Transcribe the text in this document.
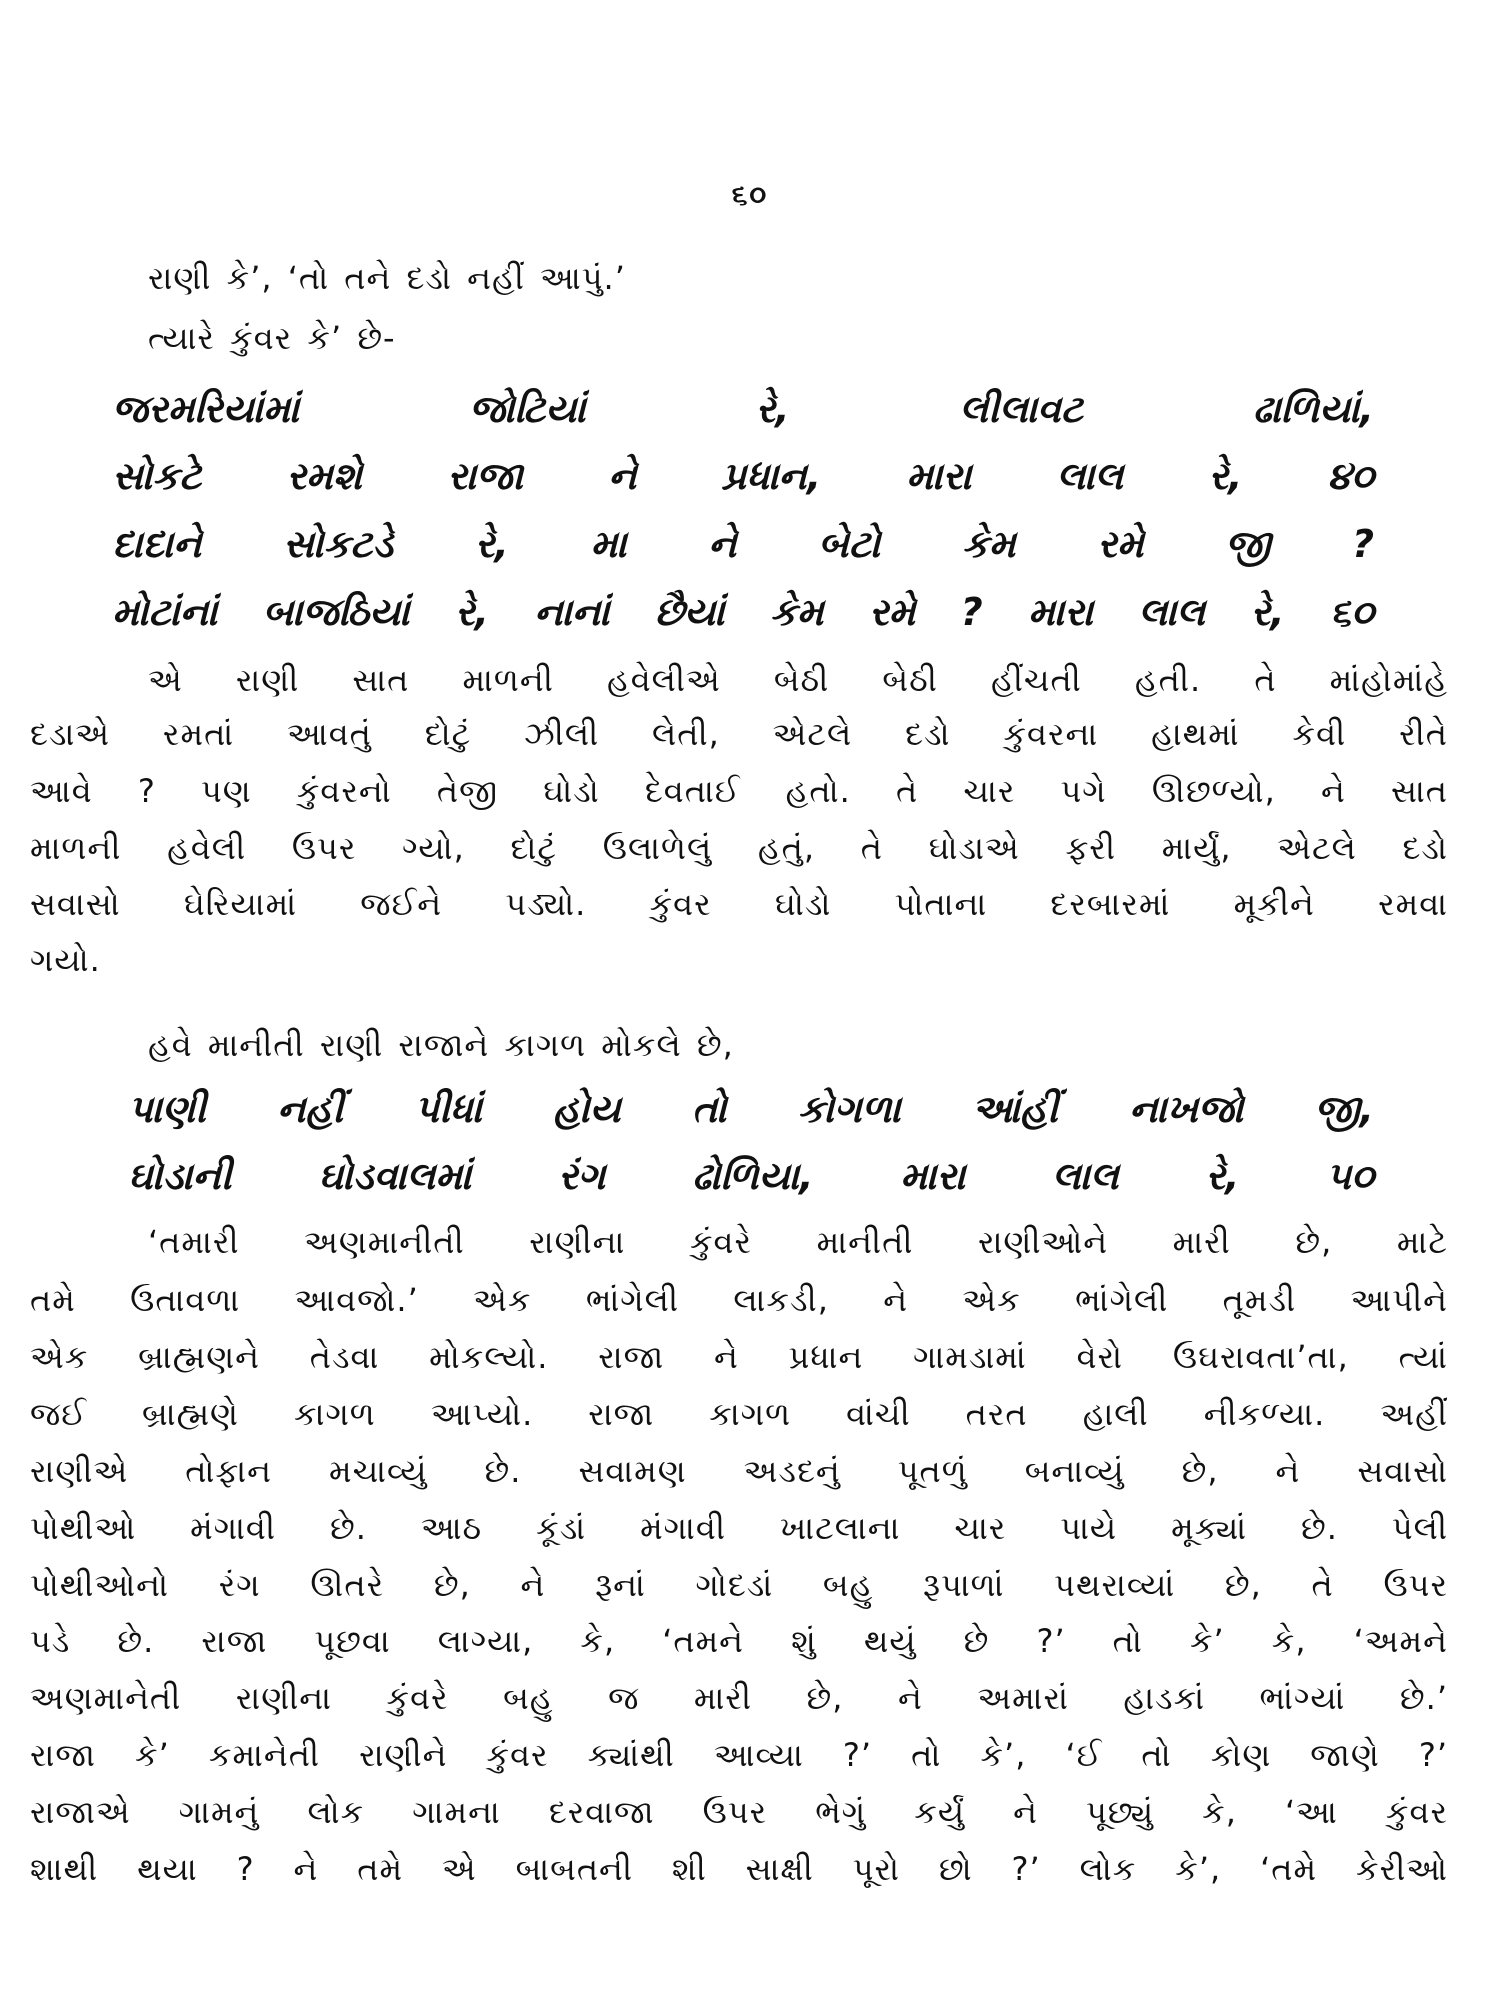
૬૦
રાણી કે’, ‘તો તને દડો નહીં આપું.’
ત્યારે કુંવર કે’ છે-
જરમરિયાંમાં જોટિયાં રે, લીલાવટ ઢાળિયાં,
સોકટે રમશે રાજા ને પ્રધાન, મારા લાલ રે, ૪૦
દાદાને સોકટડે રે, મા ને બેટો કેમ રમે જી ?
મોટાંનાં બાજઠિયાં રે, નાનાં છૈયાં કેમ રમે ? મારા લાલ રે, ૬૦
એ રાણી સાત માળની હવેલીએ બેઠી બેઠી હીંચતી હતી. તે માંહોમાંહે
દડાએ રમતાં આવતું દોટું ઝીલી લેતી, એટલે દડો કુંવરના હાથમાં કેવી રીતે
આવે ? પણ કુંવરનો તેજી ઘોડો દેવતાઈ હતો. તે ચાર પગે ઊછળ્યો, ને સાત
માળની હવેલી ઉપર ગ્યો, દોટું ઉલાળેલું હતું, તે ઘોડાએ ફરી માર્યું, એટલે દડો
સવાસો ઘેરિયામાં જઈને પડ્યો. કુંવર ઘોડો પોતાના દરબારમાં મૂકીને રમવા
ગયો.
હવે માનીતી રાણી રાજાને કાગળ મોકલે છે,
પાણી નહીં પીધાં હોય તો કોગળા આંહીં નાખજો જી,
ઘોડાની ઘોડવાલમાં રંગ ઢોળિયા, મારા લાલ રે, ૫૦
‘તમારી અણમાનીતી રાણીના કુંવરે માનીતી રાણીઓને મારી છે, માટે
તમે ઉતાવળા આવજો.’ એક ભાંગેલી લાકડી, ને એક ભાંગેલી તૂમડી આપીને
એક બ્રાહ્મણને તેડવા મોકલ્યો. રાજા ને પ્રધાન ગામડામાં વેરો ઉઘરાવતા’તા, ત્યાં
જઈ બ્રાહ્મણે કાગળ આપ્યો. રાજા કાગળ વાંચી તરત હાલી નીકળ્યા. અહીં
રાણીએ તોફાન મચાવ્યું છે. સવામણ અડદનું પૂતળું બનાવ્યું છે, ને સવાસો
પોથીઓ મંગાવી છે. આઠ કૂંડાં મંગાવી ખાટલાના ચાર પાયે મૂક્યાં છે. પેલી
પોથીઓનો રંગ ઊતરે છે, ને રૂનાં ગોદડાં બહુ રૂપાળાં પથરાવ્યાં છે, તે ઉપર
પડે છે. રાજા પૂછવા લાગ્યા, કે, ‘તમને શું થયું છે ?’ તો કે’ કે, ‘અમને
અણમાનેતી રાણીના કુંવરે બહુ જ મારી છે, ને અમારાં હાડકાં ભાંગ્યાં છે.’
રાજા કે’ કમાનેતી રાણીને કુંવર ક્યાંથી આવ્યા ?’ તો કે’, ‘ઈ તો કોણ જાણે ?’
રાજાએ ગામનું લોક ગામના દરવાજા ઉપર ભેગું કર્યું ને પૂછ્યું કે, ‘આ કુંવર
શાથી થયા ? ને તમે એ બાબતની શી સાક્ષી પૂરો છો ?’ લોક કે’, ‘તમે કેરીઓ
